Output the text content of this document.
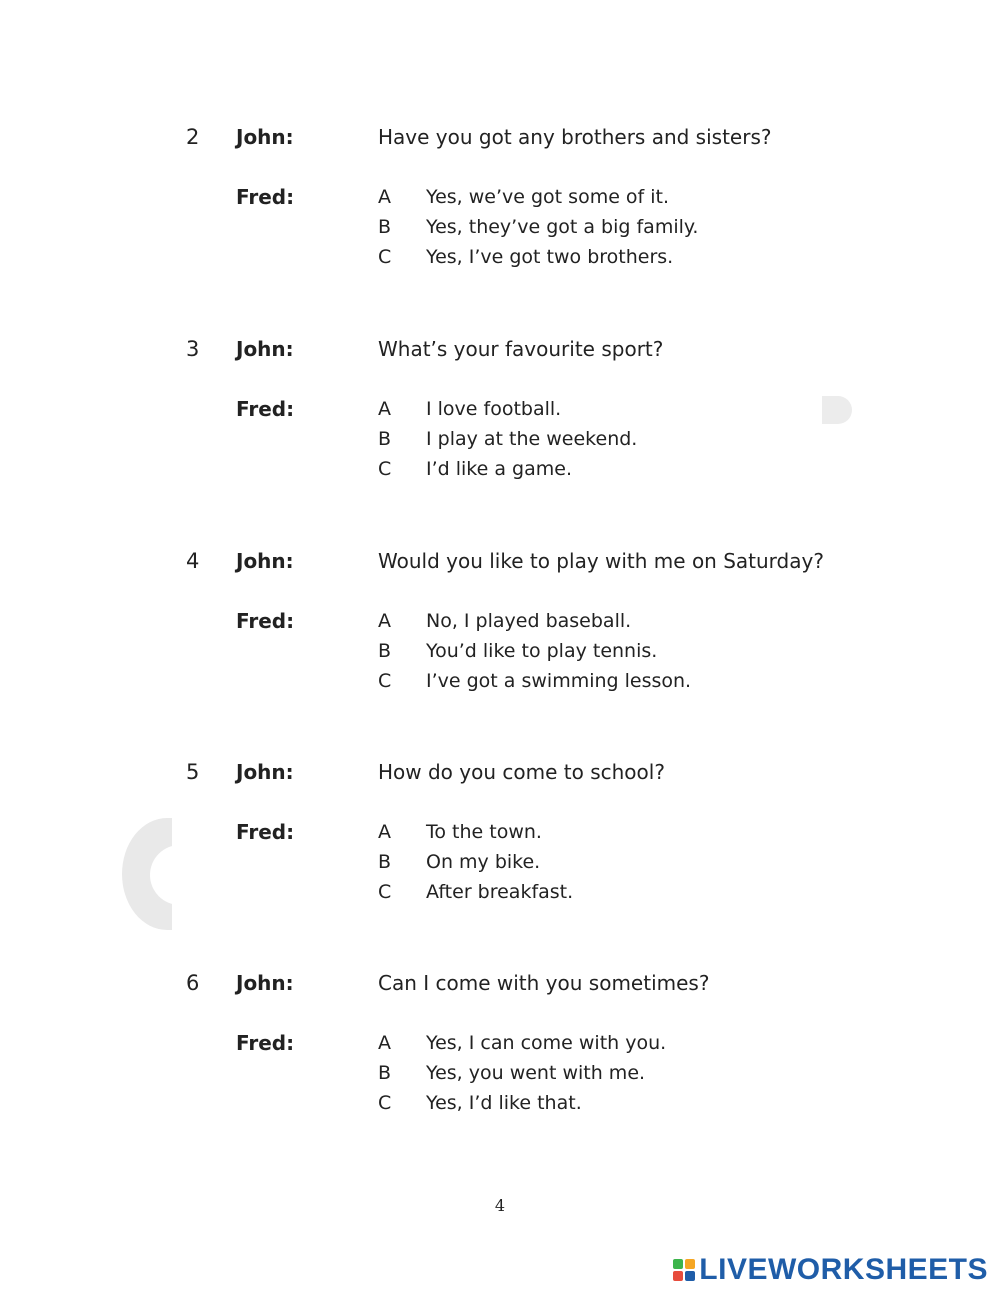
2 John:	Have you got any brothers and sisters?
Fred:	A Yes, we’ve got some of it.
B Yes, they’ve got a big family.
C Yes, I’ve got two brothers.
3 John:	What’s your favourite sport?
Fred:	A I love football.
B I play at the weekend.
C I’d like a game.
4 John:	Would you like to play with me on Saturday?
Fred:	A No, I played baseball.
B You’d like to play tennis.
C I’ve got a swimming lesson.
5 John:	How do you come to school?
Fred:	A To the town.
B On my bike.
C After breakfast.
6 John:	Can I come with you sometimes?
Fred:	A Yes, I can come with you.
B Yes, you went with me.
C Yes, I’d like that.
4
LIVEWORKSHEETS
